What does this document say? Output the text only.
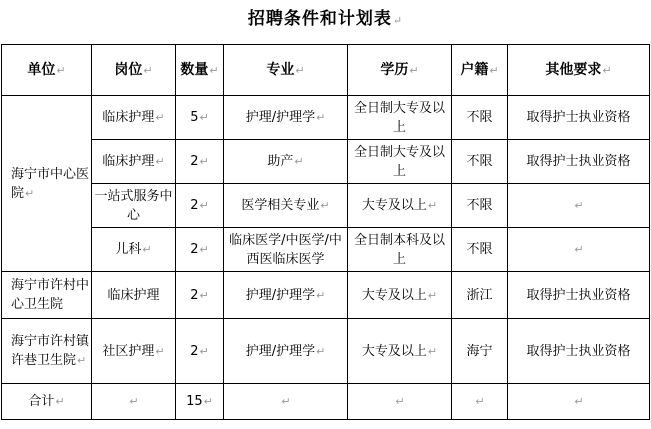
招聘条件和计划表↵
单位↵	岗位↵	数量↵	专业↵	学历↵	户籍↵	其他要求↵
海宁市中心医院↵	临床护理↵	5↵	护理/护理学↵	全日制大专及以上	不限	取得护士执业资格
	临床护理↵	2↵	助产↵	全日制大专及以上	不限	取得护士执业资格
	一站式服务中心	2↵	医学相关专业↵	大专及以上↵	不限	↵
	儿科↵	2↵	临床医学/中医学/中西医临床医学	全日制本科及以上	不限	↵
海宁市许村中心卫生院	临床护理	2↵	护理/护理学↵	大专及以上↵	浙江	取得护士执业资格
海宁市许村镇许巷卫生院↵	社区护理↵	2↵	护理/护理学↵	大专及以上↵	海宁	取得护士执业资格
合计↵	↵	15↵	↵	↵	↵	↵
